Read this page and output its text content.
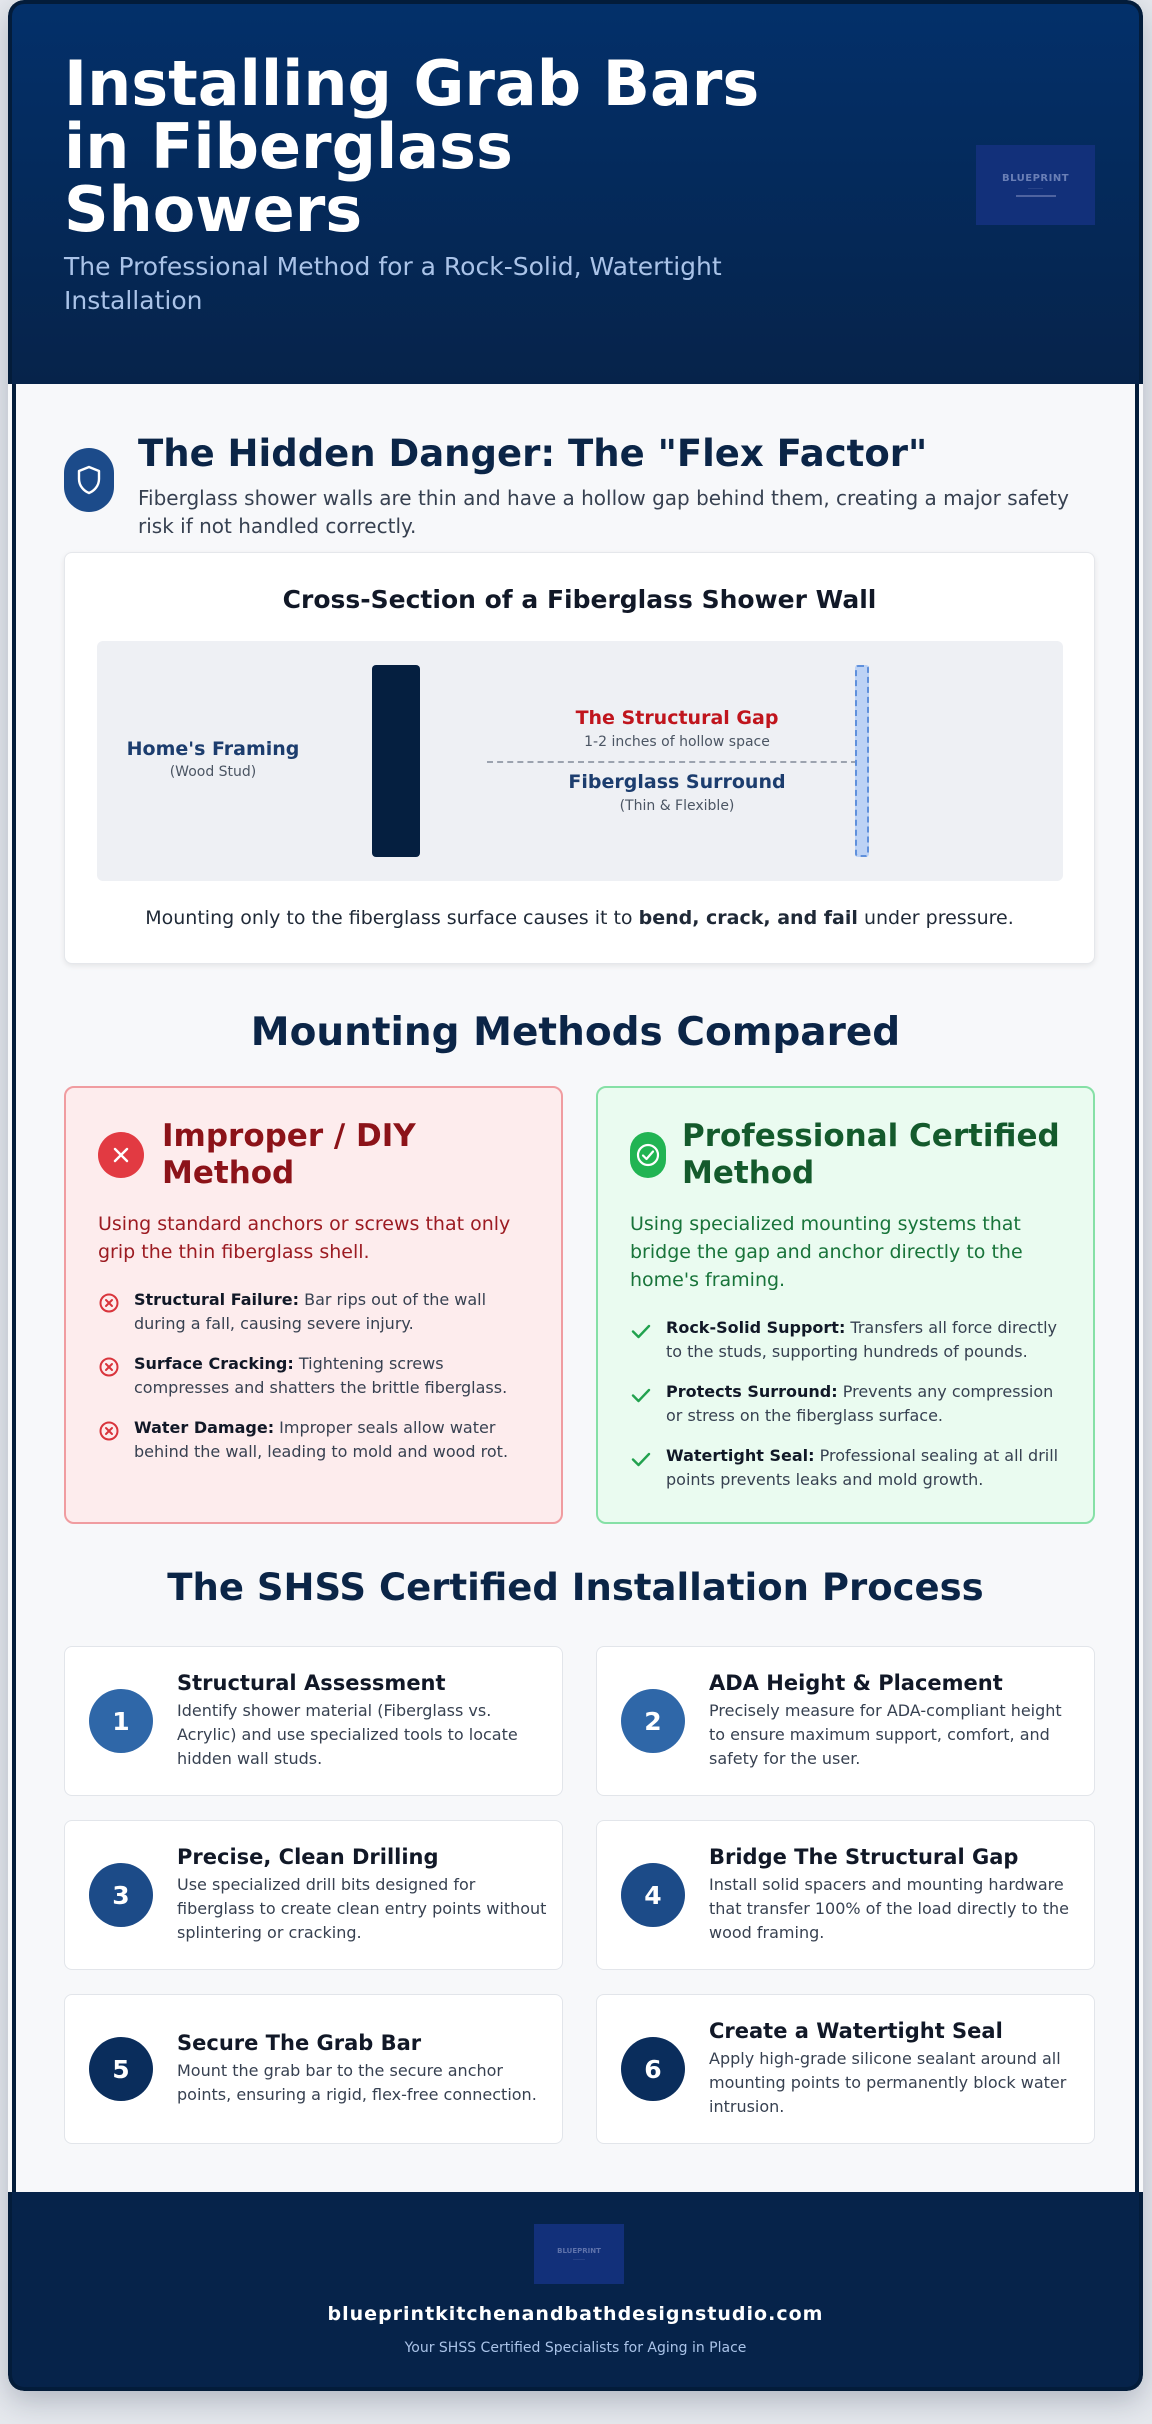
Installing Grab Bars in Fiberglass Showers
The Professional Method for a Rock-Solid, Watertight Installation
BLUEPRINT
―――
The Hidden Danger: The "Flex Factor"
Fiberglass shower walls are thin and have a hollow gap behind them, creating a major safety risk if not handled correctly.
Cross-Section of a Fiberglass Shower Wall
Home's Framing
(Wood Stud)
The Structural Gap
1-2 inches of hollow space
Fiberglass Surround
(Thin & Flexible)
Mounting only to the fiberglass surface causes it to bend, crack, and fail under pressure.
Mounting Methods Compared
Improper / DIY Method
Using standard anchors or screws that only grip the thin fiberglass shell.
Structural Failure: Bar rips out of the wall during a fall, causing severe injury.
Surface Cracking: Tightening screws compresses and shatters the brittle fiberglass.
Water Damage: Improper seals allow water behind the wall, leading to mold and wood rot.
Professional Certified Method
Using specialized mounting systems that bridge the gap and anchor directly to the home's framing.
Rock-Solid Support: Transfers all force directly to the studs, supporting hundreds of pounds.
Protects Surround: Prevents any compression or stress on the fiberglass surface.
Watertight Seal: Professional sealing at all drill points prevents leaks and mold growth.
The SHSS Certified Installation Process
1
Structural Assessment
Identify shower material (Fiberglass vs. Acrylic) and use specialized tools to locate hidden wall studs.
2
ADA Height & Placement
Precisely measure for ADA-compliant height to ensure maximum support, comfort, and safety for the user.
3
Precise, Clean Drilling
Use specialized drill bits designed for fiberglass to create clean entry points without splintering or cracking.
4
Bridge The Structural Gap
Install solid spacers and mounting hardware that transfer 100% of the load directly to the wood framing.
5
Secure The Grab Bar
Mount the grab bar to the secure anchor points, ensuring a rigid, flex-free connection.
6
Create a Watertight Seal
Apply high-grade silicone sealant around all mounting points to permanently block water intrusion.
BLUEPRINT
―――
blueprintkitchenandbathdesignstudio.com
Your SHSS Certified Specialists for Aging in Place
